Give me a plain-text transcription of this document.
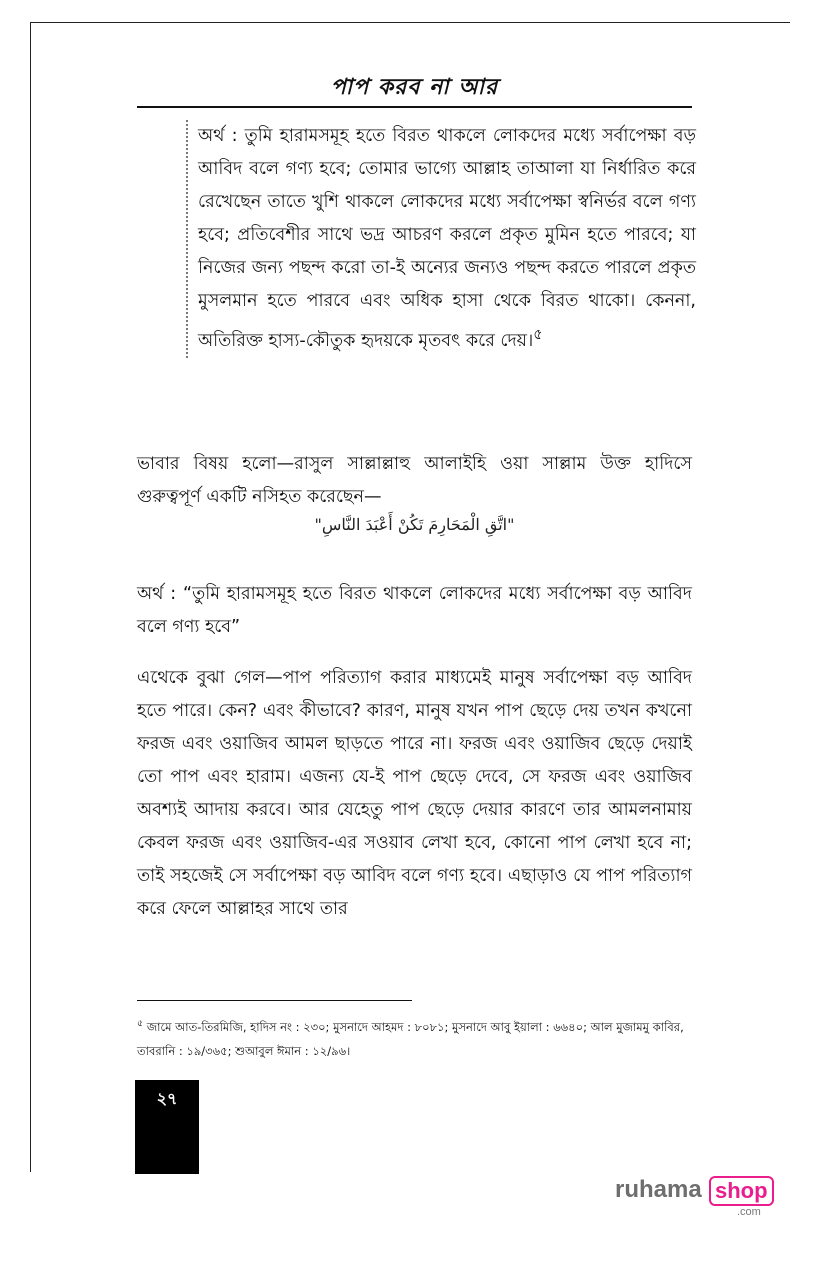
পাপ করব না আর
অর্থ : তুমি হারামসমূহ হতে বিরত থাকলে লোকদের মধ্যে সর্বাপেক্ষা বড় আবিদ বলে গণ্য হবে; তোমার ভাগ্যে আল্লাহ তাআলা যা নির্ধারিত করে রেখেছেন তাতে খুশি থাকলে লোকদের মধ্যে সর্বাপেক্ষা স্বনির্ভর বলে গণ্য হবে; প্রতিবেশীর সাথে ভদ্র আচরণ করলে প্রকৃত মুমিন হতে পারবে; যা নিজের জন্য পছন্দ করো তা-ই অন্যের জন্যও পছন্দ করতে পারলে প্রকৃত মুসলমান হতে পারবে এবং অধিক হাসা থেকে বিরত থাকো। কেননা, অতিরিক্ত হাস্য-কৌতুক হৃদয়কে মৃতবৎ করে দেয়।$^৫$
ভাবার বিষয় হলো—রাসুল সাল্লাল্লাহু আলাইহি ওয়া সাল্লাম উক্ত হাদিসে গুরুত্বপূর্ণ একটি নসিহত করেছেন—
"اتَّقِ الْمَحَارِمَ تَكُنْ أَعْبَدَ النَّاسِ"
অর্থ : “তুমি হারামসমূহ হতে বিরত থাকলে লোকদের মধ্যে সর্বাপেক্ষা বড় আবিদ বলে গণ্য হবে”
এথেকে বুঝা গেল—পাপ পরিত্যাগ করার মাধ্যমেই মানুষ সর্বাপেক্ষা বড় আবিদ হতে পারে। কেন? এবং কীভাবে? কারণ, মানুষ যখন পাপ ছেড়ে দেয় তখন কখনো ফরজ এবং ওয়াজিব আমল ছাড়তে পারে না। ফরজ এবং ওয়াজিব ছেড়ে দেয়াই তো পাপ এবং হারাম। এজন্য যে-ই পাপ ছেড়ে দেবে, সে ফরজ এবং ওয়াজিব অবশ্যই আদায় করবে। আর যেহেতু পাপ ছেড়ে দেয়ার কারণে তার আমলনামায় কেবল ফরজ এবং ওয়াজিব-এর সওয়াব লেখা হবে, কোনো পাপ লেখা হবে না; তাই সহজেই সে সর্বাপেক্ষা বড় আবিদ বলে গণ্য হবে। এছাড়াও যে পাপ পরিত্যাগ করে ফেলে আল্লাহর সাথে তার
$^৫$ জামে আত-তিরমিজি, হাদিস নং : ২৩০; মুসনাদে আহমদ : ৮০৮১; মুসনাদে আবু ইয়ালা : ৬৬৪০; আল মুজামমু কাবির, তাবরানি : ১৯/৩৬৫; শুআবুল ঈমান : ১২/৯৬।
২৭
ruhama shop
.com
